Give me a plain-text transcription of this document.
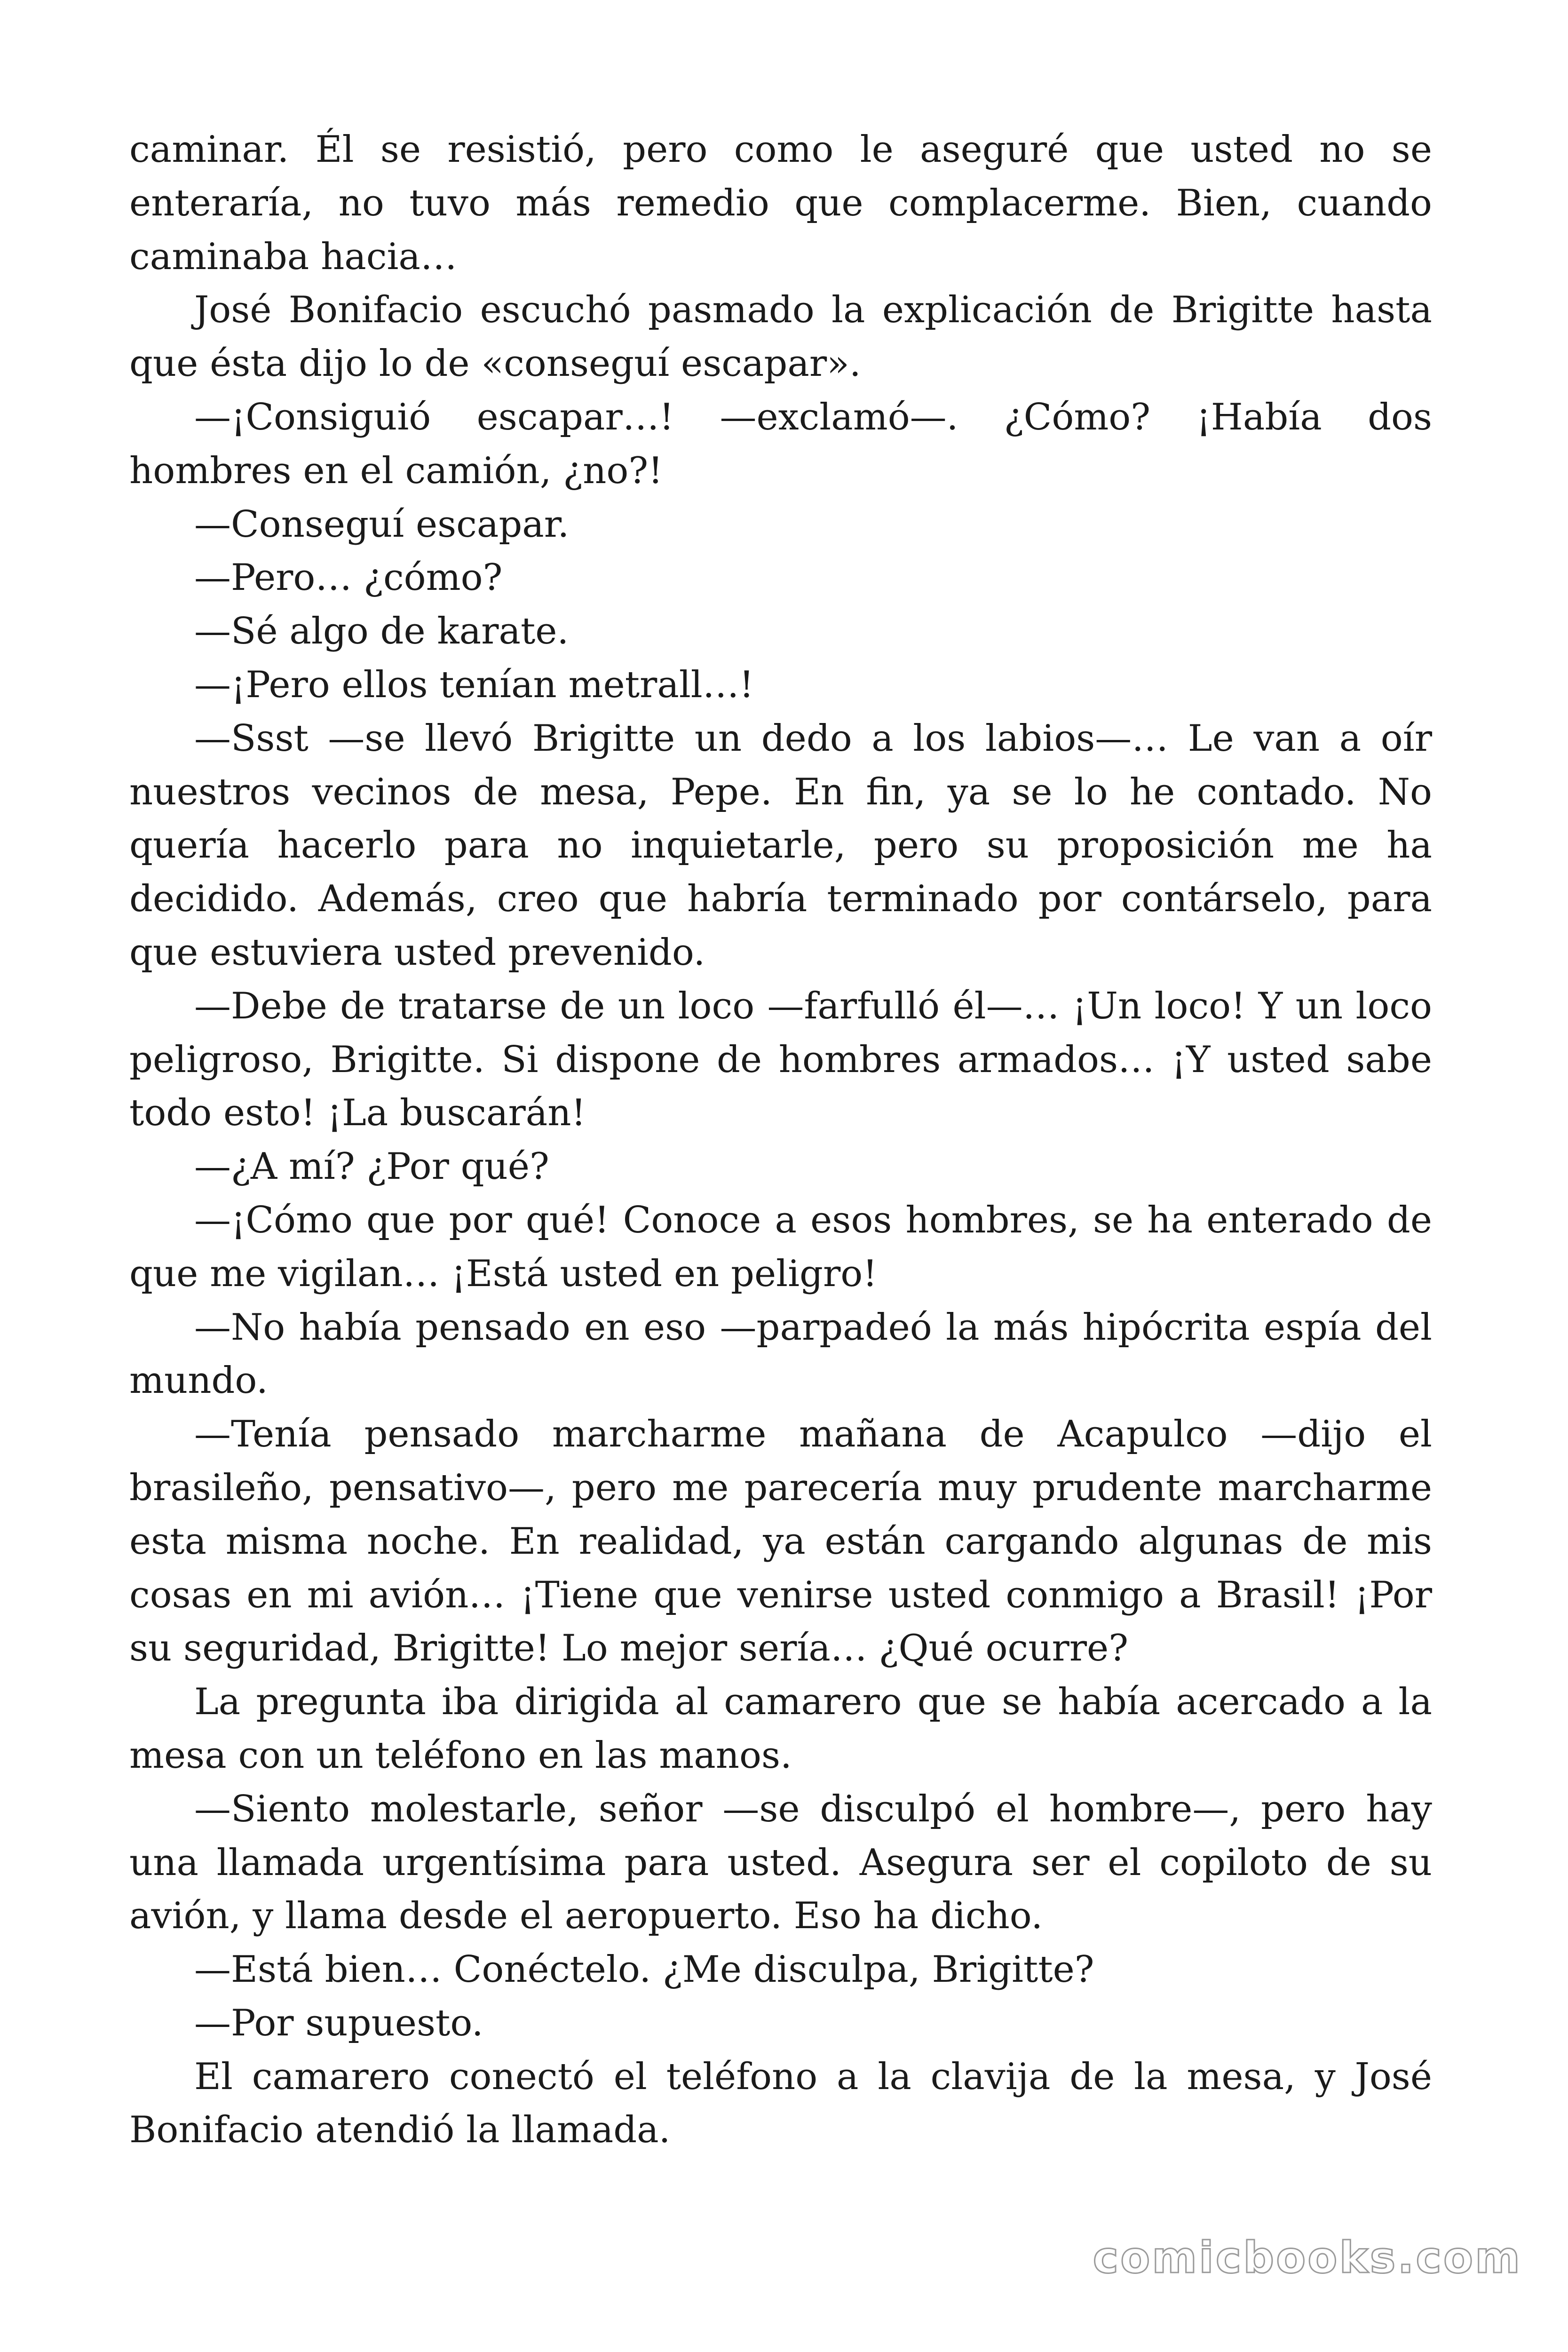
caminar. Él se resistió, pero como le aseguré que usted no se enteraría, no tuvo más remedio que complacerme. Bien, cuando caminaba hacia…

José Bonifacio escuchó pasmado la explicación de Brigitte hasta que ésta dijo lo de «conseguí escapar».

—¡Consiguió escapar…! —exclamó—. ¿Cómo? ¡Había dos hombres en el camión, ¿no?!

—Conseguí escapar.

—Pero… ¿cómo?

—Sé algo de karate.

—¡Pero ellos tenían metrall…!

—Ssst —se llevó Brigitte un dedo a los labios—… Le van a oír nuestros vecinos de mesa, Pepe. En fin, ya se lo he contado. No quería hacerlo para no inquietarle, pero su proposición me ha decidido. Además, creo que habría terminado por contárselo, para que estuviera usted prevenido.

—Debe de tratarse de un loco —farfulló él—… ¡Un loco! Y un loco peligroso, Brigitte. Si dispone de hombres armados… ¡Y usted sabe todo esto! ¡La buscarán!

—¿A mí? ¿Por qué?

—¡Cómo que por qué! Conoce a esos hombres, se ha enterado de que me vigilan… ¡Está usted en peligro!

—No había pensado en eso —parpadeó la más hipócrita espía del mundo.

—Tenía pensado marcharme mañana de Acapulco —dijo el brasileño, pensativo—, pero me parecería muy prudente marcharme esta misma noche. En realidad, ya están cargando algunas de mis cosas en mi avión… ¡Tiene que venirse usted conmigo a Brasil! ¡Por su seguridad, Brigitte! Lo mejor sería… ¿Qué ocurre?

La pregunta iba dirigida al camarero que se había acercado a la mesa con un teléfono en las manos.

—Siento molestarle, señor —se disculpó el hombre—, pero hay una llamada urgentísima para usted. Asegura ser el copiloto de su avión, y llama desde el aeropuerto. Eso ha dicho.

—Está bien… Conéctelo. ¿Me disculpa, Brigitte?

—Por supuesto.

El camarero conectó el teléfono a la clavija de la mesa, y José Bonifacio atendió la llamada.

comicbooks.com
